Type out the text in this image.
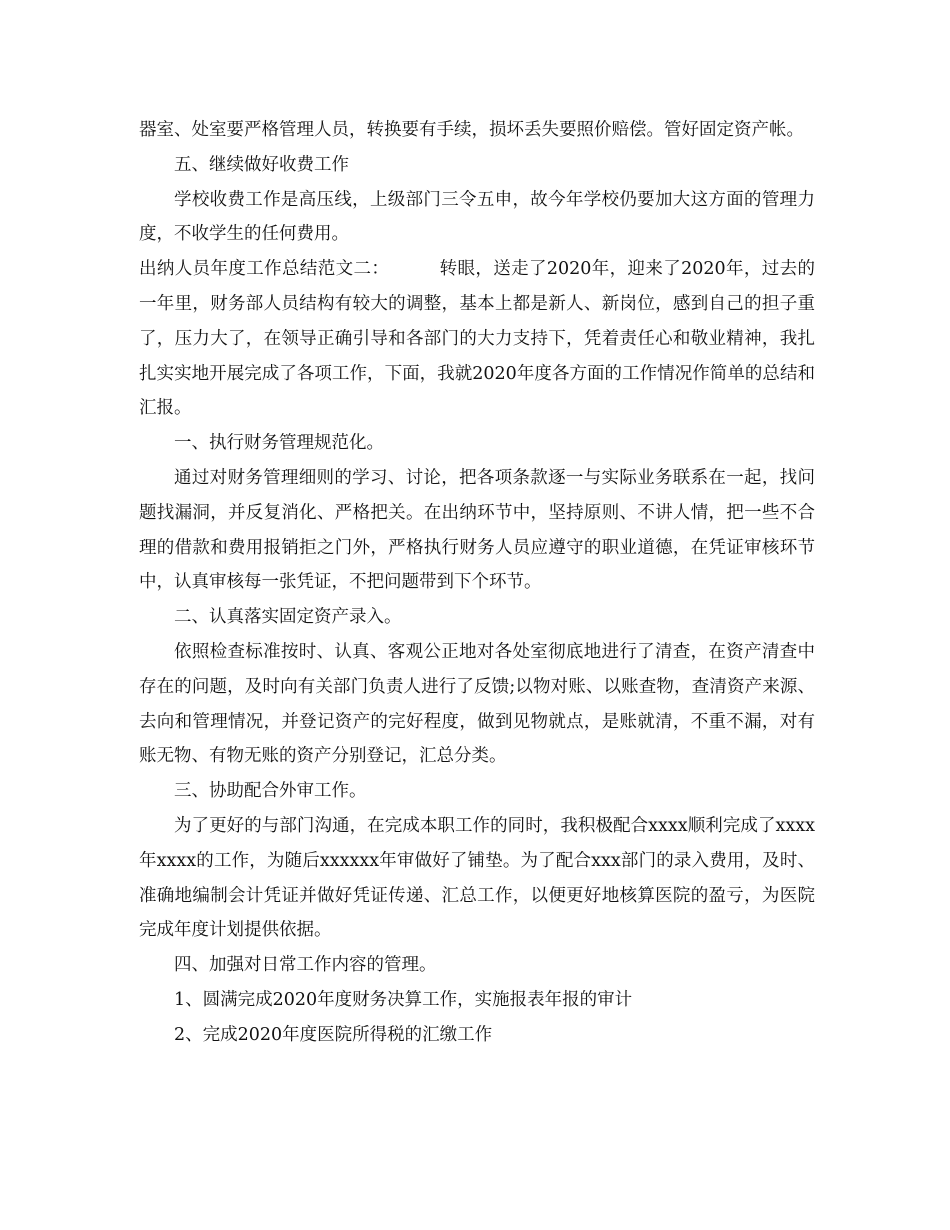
器室、处室要严格管理人员，转换要有手续，损坏丢失要照价赔偿。管好固定资产帐。

五、继续做好收费工作

学校收费工作是高压线，上级部门三令五申，故今年学校仍要加大这方面的管理力度，不收学生的任何费用。

出纳人员年度工作总结范文二：	转眼，送走了2020年，迎来了2020年，过去的一年里，财务部人员结构有较大的调整，基本上都是新人、新岗位，感到自己的担子重了，压力大了，在领导正确引导和各部门的大力支持下，凭着责任心和敬业精神，我扎扎实实地开展完成了各项工作，下面，我就2020年度各方面的工作情况作简单的总结和汇报。

一、执行财务管理规范化。

通过对财务管理细则的学习、讨论，把各项条款逐一与实际业务联系在一起，找问题找漏洞，并反复消化、严格把关。在出纳环节中，坚持原则、不讲人情，把一些不合理的借款和费用报销拒之门外，严格执行财务人员应遵守的职业道德，在凭证审核环节中，认真审核每一张凭证，不把问题带到下个环节。

二、认真落实固定资产录入。

依照检查标准按时、认真、客观公正地对各处室彻底地进行了清查，在资产清查中存在的问题，及时向有关部门负责人进行了反馈;以物对账、以账查物，查清资产来源、去向和管理情况，并登记资产的完好程度，做到见物就点，是账就清，不重不漏，对有账无物、有物无账的资产分别登记，汇总分类。

三、协助配合外审工作。

为了更好的与部门沟通，在完成本职工作的同时，我积极配合xxxx顺利完成了xxxx年xxxx的工作，为随后xxxxxx年审做好了铺垫。为了配合xxx部门的录入费用，及时、准确地编制会计凭证并做好凭证传递、汇总工作，以便更好地核算医院的盈亏，为医院完成年度计划提供依据。

四、加强对日常工作内容的管理。

1、圆满完成2020年度财务决算工作，实施报表年报的审计

2、完成2020年度医院所得税的汇缴工作
